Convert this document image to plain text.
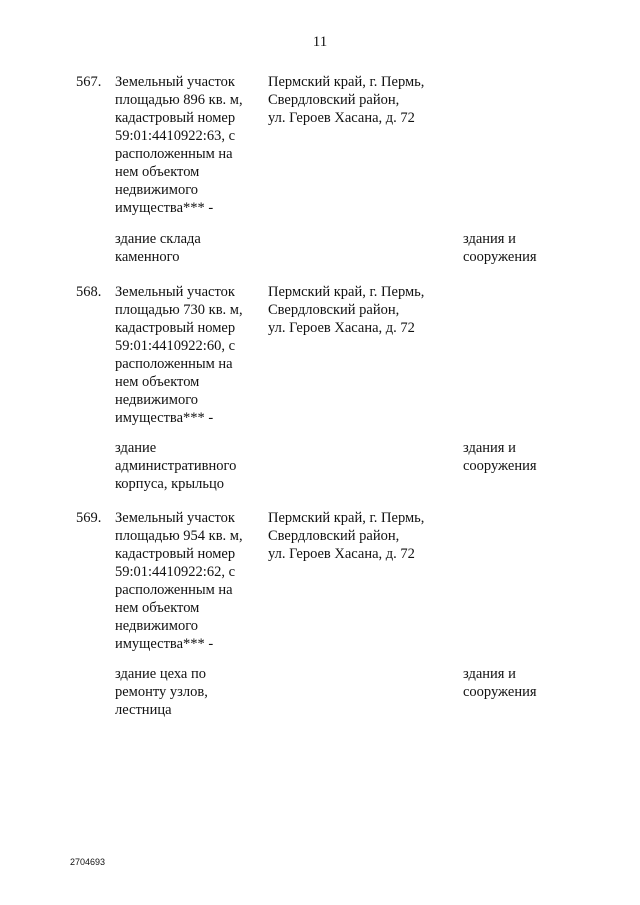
11
567. Земельный участок
площадью 896 кв. м,
кадастровый номер
59:01:4410922:63, с
расположенным на
нем объектом
недвижимого
имущества*** -
Пермский край, г. Пермь,
Свердловский район,
ул. Героев Хасана, д. 72
здание склада
каменного
здания и
сооружения
568. Земельный участок
площадью 730 кв. м,
кадастровый номер
59:01:4410922:60, с
расположенным на
нем объектом
недвижимого
имущества*** -
Пермский край, г. Пермь,
Свердловский район,
ул. Героев Хасана, д. 72
здание
административного
корпуса, крыльцо
здания и
сооружения
569. Земельный участок
площадью 954 кв. м,
кадастровый номер
59:01:4410922:62, с
расположенным на
нем объектом
недвижимого
имущества*** -
Пермский край, г. Пермь,
Свердловский район,
ул. Героев Хасана, д. 72
здание цеха по
ремонту узлов,
лестница
здания и
сооружения
2704693
